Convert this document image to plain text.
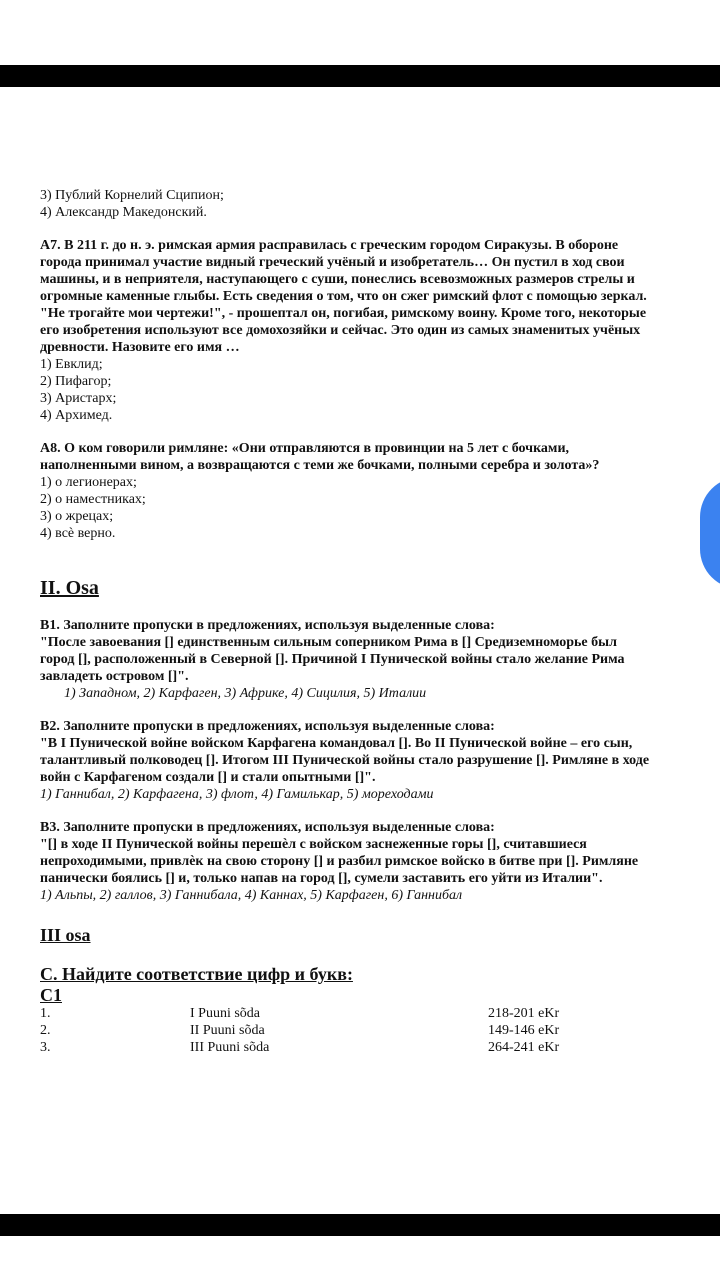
3) Публий Корнелий Сципион;

4) Александр Македонский.

А7. В 211 г. до н. э. римская армия расправилась с греческим городом Сиракузы. В обороне

города принимал участие видный греческий учёный и изобретатель… Он пустил в ход свои

машины, и в неприятеля, наступающего с суши, понеслись всевозможных размеров стрелы и

огромные каменные глыбы. Есть сведения о том, что он сжег римский флот с помощью зеркал.

"Не трогайте мои чертежи!", - прошептал он, погибая, римскому воину. Кроме того, некоторые

его изобретения используют все домохозяйки и сейчас. Это один из самых знаменитых учёных

древности. Назовите его имя …

1) Евклид;

2) Пифагор;

3) Аристарх;

4) Архимед.

А8. О ком говорили римляне: «Они отправляются в провинции на 5 лет с бочками,

наполненными вином, а возвращаются с теми же бочками, полными серебра и золота»?

1) о легионерах;

2) о наместниках;

3) о жрецах;

4) всè верно.

II. Osa

В1. Заполните пропуски в предложениях, используя выделенные слова:

"После завоевания [] единственным сильным соперником Рима в [] Средиземноморье был

город [], расположенный в Северной []. Причиной I Пунической войны стало желание Рима

завладеть островом []".

1) Западном, 2) Карфаген, 3) Африке, 4) Сицилия, 5) Италии

В2. Заполните пропуски в предложениях, используя выделенные слова:

"В I Пунической войне войском Карфагена командовал []. Во II Пунической войне – его сын,

талантливый полководец []. Итогом III Пунической войны стало разрушение []. Римляне в ходе

войн с Карфагеном создали [] и стали опытными []".

1) Ганнибал, 2) Карфагена, 3) флот, 4) Гамилькар, 5) мореходами

В3. Заполните пропуски в предложениях, используя выделенные слова:

"[] в ходе II Пунической войны перешѐл с войском заснеженные горы [], считавшиеся

непроходимыми, привлѐк на свою сторону [] и разбил римское войско в битве при []. Римляне

панически боялись [] и, только напав на город [], сумели заставить его уйти из Италии".

1) Альпы, 2) галлов, 3) Ганнибала, 4) Каннах, 5) Карфаген, 6) Ганнибал

III osa

С. Найдите соответствие цифр и букв:

С1

1.	I Puuni sõda	218-201 eKr
2.	II Puuni sõda	149-146 eKr
3.	III Puuni sõda	264-241 eKr
